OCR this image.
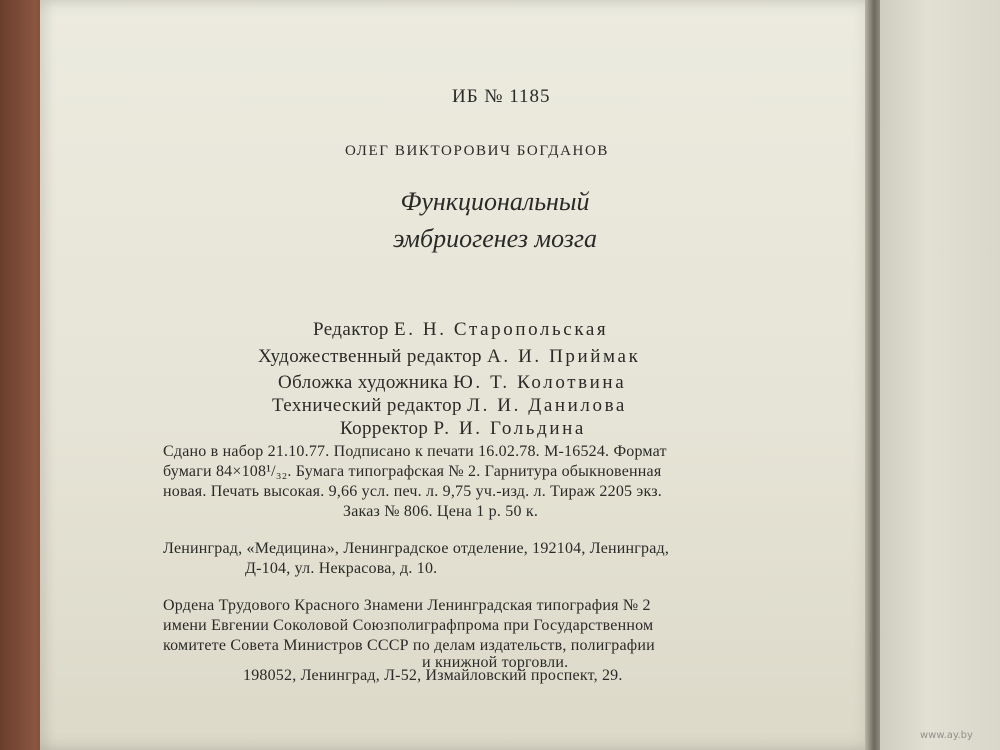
ИБ № 1185
ОЛЕГ ВИКТОРОВИЧ БОГДАНОВ
Функциональный
эмбриогенез мозга
Редактор Е. Н. Старопольская
Художественный редактор А. И. Приймак
Обложка художника Ю. Т. Колотвина
Технический редактор Л. И. Данилова
Корректор Р. И. Гольдина
Сдано в набор 21.10.77. Подписано к печати 16.02.78. М-16524. Формат
бумаги 84×108¹/₃₂. Бумага типографская № 2. Гарнитура обыкновенная
новая. Печать высокая. 9,66 усл. печ. л. 9,75 уч.-изд. л. Тираж 2205 экз.
Заказ № 806. Цена 1 р. 50 к.
Ленинград, «Медицина», Ленинградское отделение, 192104, Ленинград,
Д-104, ул. Некрасова, д. 10.
Ордена Трудового Красного Знамени Ленинградская типография № 2
имени Евгении Соколовой Союзполиграфпрома при Государственном
комитете Совета Министров СССР по делам издательств, полиграфии
и книжной торговли.
198052, Ленинград, Л-52, Измайловский проспект, 29.
www.ay.by
